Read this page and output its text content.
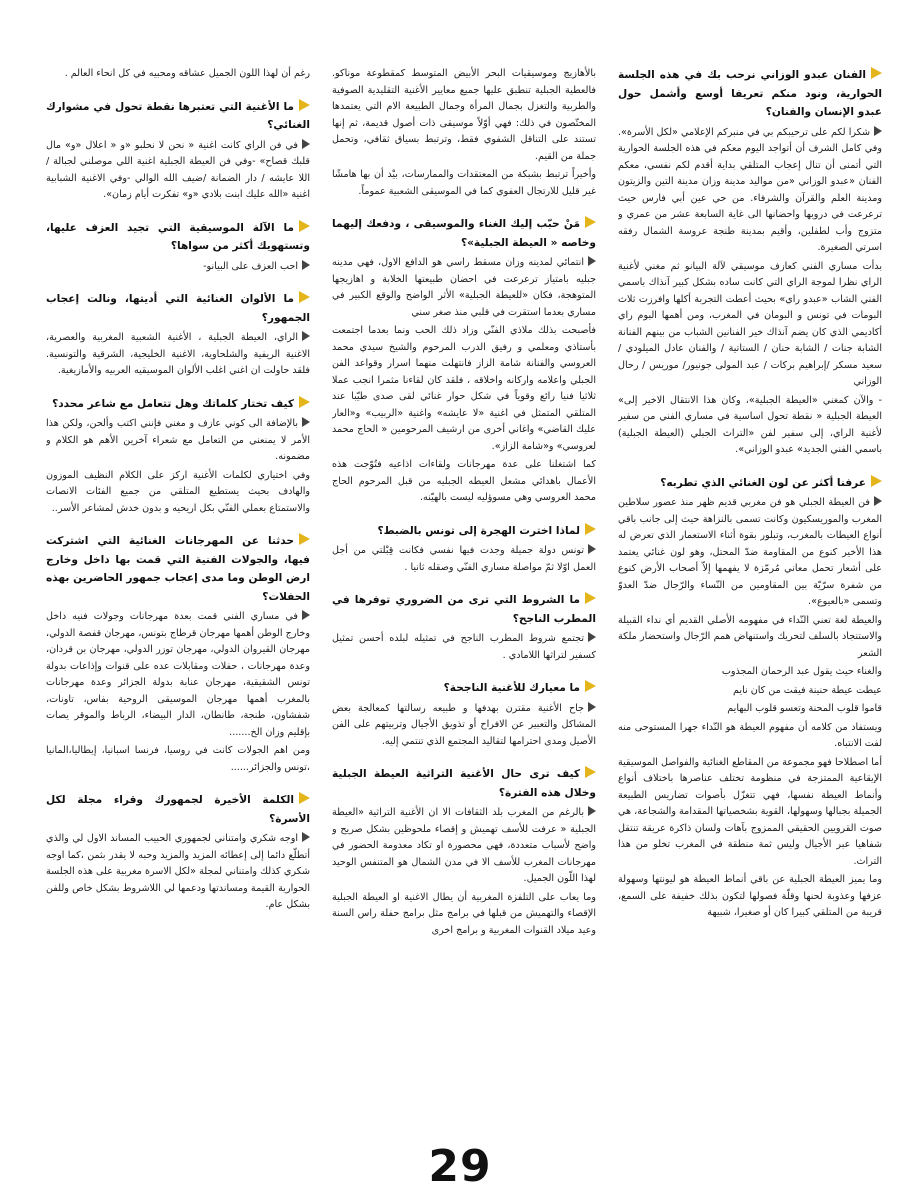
الفنان عبدو الوزاني نرحب بك في هذه الجلسة الحوارية، ونود منكم تعريفا أوسع وأشمل حول عبدو الإنسان والفنان؟

شكرا لكم على ترحيبكم بي في منبركم الإعلامي «لكل الأسرة». وفي كامل الشرف أن أتواجد اليوم معكم في هذه الجلسة الحوارية التي أتمنى أن تنال إعجاب المتلقي بداية أقدم لكم نفسي، معكم الفنان «عبدو الوزاني «من مواليد مدينة وزان مدينة التين والزيتون ومدينة العلم والقرآن والشرفاء. من حي عين أبي فارس حيث ترعرعت في دروبها واحضانها الى غاية السابعة عشر من عمري و متزوج وأب لطفلين، وأقيم بمدينة طنجة عروسة الشمال رفقه اسرتي الصغيرة.

بدأت مساري الفني كعازف موسيقي لآلة البيانو ثم مغني لأغنية الراي نظرا لموجة الراي التي كانت ساده بشكل كبير آنذاك باسمي الفني الشاب «عبدو راي» بحيث أعطت التجربة أكلها وافرزت ثلاث البومات في تونس و البومان في المغرب، ومن أهمها البوم راي أكاديمي الذي كان يضم آنذاك خير الفنانين الشباب من بينهم الفنانة الشابة جنات / الشابة حنان / الستاتية / والفنان عادل الميلودي /سعيد مسكر /إبراهيم بركات / عبد المولى جونيور/ موريس / رحال الوزاني

- والآن كمغني «العيطة الجبلية»، وكان هذا الانتقال الاخير إلى» العيطة الجبلية « نقطة تحول اساسية في مساري الفني من سفير لأغنية الراي، إلى سفير لفن «التراث الجبلي (العيطة الجبلية) باسمي الفني الجديد» عبدو الوزاني».

عرفنا أكثر عن لون الغنائي الذي تطربه؟

فن العيطة الجبلي هو فن مغربي قديم ظهر منذ عصور سلاطين المغرب والموريسكيون وكانت تسمى بالنزاهة حيث إلى جانب باقي أنواع العيطات بالمغرب، وتبلور بقوة أثناء الاستعمار الذي تعرض له هذا الأخير كنوع من المقاومة ضدّ المحتل، وهو لون غنائي يعتمد على أشعار تحمل معاني مُرمّزة لا يفهمها إلاّ أصحاب الأرض كنوع من شفرة سرّيّة بين المقاومين من النّساء والرّجال ضدّ العدوّ وتسمى «بالعيوع».

والعيطة لغة تعني النّداء في مفهومه الأصلي القديم أي نداء القبيلة والاستنجاد بالسلف لتحريك واستنهاض همم الرّجال واستحضار ملكة الشعر

والغناء حيث يقول عبد الرحمان المجذوب

عيطت عيطة حنينة فيقت من كان نايم

قاموا قلوب المحنة وتعسو قلوب البهايم

ويستفاد من كلامه أن مفهوم العيطة هو النّداء جهرا المستوحى منه لفت الانتباه.

أما اصطلاحا فهو مجموعة من المقاطع الغنائية والفواصل الموسيقية الإيقاعية الممتزجة في منظومة تختلف عناصرها باختلاف أنواع وأنماط العيطة نفسها، فهي تتغزّل بأصوات تضاريس الطبيعة الجميلة بجبالها وسهولها، القوية بشخصياتها المقدامة والشجاعة، هي صوت القرويين الحقيقي الممزوج بآهات ولسان ذاكرة عريقة تنتقل شفاهيا عبر الأجيال وليس ثمة منطقة في المغرب تخلو من هذا التراث.

وما يميز العيطة الجبلية عن باقي أنماط العيطة هو ليونتها وسهولة عزفها وعذوبة لحنها وقلّة فصولها لتكون بذلك خفيفة على السمع، قريبة من المتلقي كبيرا كان أو صغيرا، شبيهة

بالأهازيج وموسيقيات البحر الأبيض المتوسط كمقطوعة موناكو. فالعطية الجبلية تنطبق عليها جميع معايير الأغنية التقليدية الصوفية والطربية والتغزل بجمال المرأة وجمال الطبيعة الام التي يعتمدها المختّصون في ذلك: فهي أوّلاً موسيقى ذات أصول قديمة، ثم إنها تستند على التناقل الشفوي فقط، وترتبط بسياق ثقافي، وتحمل جملة من القيم.

وأخيراً ترتبط بشبكة من المعتقدات والممارسات، بيْد أن بها هامشًا غير قليل للارتجال العفوي كما في الموسيقى الشعبية عموماً.

مَنْ حبّب إليك الغناء والموسيقى ، ودفعك إليهما وخاصه « العيطة الجبلية»؟

انتمائي لمدينه وزان مسقط راسي هو الدافع الاول، فهي مدينه جبليه بامتياز ترعرعت في احضان طبيعتها الخلابة و اهازيجها المتوهجة، فكان «للعيطة الجبلية» الأثر الواضح والوقع الكبير في مساري بعدما استقرت في قلبي منذ صغر سني

فأصبحت بذلك ملاذي الفنّي وزاد ذلك الحب ونما بعدما اجتمعت بأستاذي ومعلمي و رفيق الدرب المرحوم والشيخ سيدي محمد العروسي والفنانة شامة الزاز فانتهلت منهما اسرار وقواعد الفن الجبلي واعلامه واركانه واخلاقه ، فلقد كان لقاءنا مثمرا انجب عملا ثلاثيا فنيا رائع وقوياً في شكل حوار غنائي لقى صدى طيّبا عند المتلقي المتمثل في اغنية «لا عايشه» واغنية «الربيب» و«العار عليك القاضي» واغاني أخرى من ارشيف المرحومين « الحاج محمد لعروسي» و«شامة الزاز».

كما اشتغلنا على عدة مهرجانات ولقاءات اذاعيه فتُوّجت هذه الأعمال باهدائي مشعل العيطه الجبليه من قبل المرحوم الحاج محمد العروسي وهي مسوؤليه ليست بالهيّنه.

لماذا اخترت الهجرة إلى تونس بالضبط؟

تونس دولة جميلة وجدت فيها نفسي فكانت قِبْلتي من أجل العمل اوّلا ثمّ مواصلة مساري الفنّي وصقله ثانيا .

ما الشروط التي ترى من الضروري توفرها في المطرب الناجح؟

تجتمع شروط المطرب الناجح في تمثيله لبلده أحسن تمثيل كسفير لتراثها اللامادي .

ما معيارك للأغنية الناجحة؟

جاح الأغنية مقترن بهدفها و طبيعه رسالتها كمعالجة بعض المشاكل والتعبير عن الافراح أو تذويق الأجيال وتربيتهم على الفن الأصيل ومدى احترامها لتقاليد المجتمع الذي تنتمي إليه.

كيف ترى حال الأغنية التراثية العيطة الجبلية وخلال هذه الفترة؟

بالرغم من المغرب بلد الثقافات الا ان الأغنية التراثية «العيطة الجبلية « عرفت للأسف تهميش و إقصاء ملحوظين بشكل صريح و واضح لأسباب متعددة، فهي محصورة او تكاد معدومة الحضور في مهرجانات المغرب للأسف الا في مدن الشمال هو المتنفس الوحيد لهذا اللّون الجميل.

وما يعاب على التلفزة المغربية أن يطال الاغنية او العيطة الجبلية الإقصاء والتهميش من قبلها في برامج مثل برامج حفلة راس السنة وعيد ميلاد القنوات المغربية و برامج اخرى

رغم أن لهذا اللون الجميل عشاقه ومحبيه في كل انحاء العالم .

ما الأغنية التي تعتبرها نقطة تحول في مشوارك الغنائي؟

في فن الراي كانت اغنية « نحن لا نحلبو «و « اعلال «و» مال قلبك قصاح» -وفي فن العيطة الجبلية اغنية اللي موصلني لجبالة / اللا عايشه / دار الضمانة /ضيف الله الوالي -وفي الاغنية الشبابية اغنية «الله عليك ابنت بلادي «و» تفكرت أيام زمان».

ما الآلة الموسيقية التي تجيد العزف عليها، وتستهويك أكثر من سواها؟

احب العزف على البيانو-

ما الألوان الغنائية التي أديتها، ونالت إعجاب الجمهور؟

الراي، العيطة الجبلية ، الأغنية الشعبية المغربية والعصرية، الاغنية الريفية والشلحاوية، الاغنية الخليجية، الشرقية والتونسية. فلقد حاولت ان اغني اغلب الألوان الموسيقيه العربيه والأمازيغية.

كيف تختار كلماتك وهل تتعامل مع شاعر محدد؟

بالإضافة الى كوني عازف و مغني فإنني اكتب وألحن، ولكن هذا الأمر لا يمنعني من التعامل مع شعراء آخرين الأهم هو الكلام و مضمونه.

وفي اختياري لكلمات الأغنية اركز على الكلام النظيف الموزون والهادف بحيث يستطيع المتلقي من جميع الفئات الانصات والاستمتاع بعملي الفنّي بكل اريحيه و بدون خدش لمشاعر الأسر..

حدثنا عن المهرجانات الغنائية التي اشتركت فيها، والجولات الفنية التي قمت بها داخل وخارج ارض الوطن وما مدى إعجاب جمهور الحاضرين بهذه الحفلات؟

في مساري الفني قمت بعدة مهرجانات وجولات فنيه داخل وخارج الوطن أهمها مهرجان قرطاج بتونس، مهرجان قفصة الدولي، مهرجان القيروان الدولي، مهرجان توزر الدولي، مهرجان بن قردان، وعدة مهرجانات ، حفلات ومقابلات عده على قنوات وإذاعات بدولة تونس الشقيقية، مهرجان عنابة بدولة الجزائر وعدة مهرجانات بالمغرب أهمها مهرجان الموسيقى الروحية بفاس، تاونات، شفشاون، طنجة، طانطان، الدار البيضاء، الرباط والموقر يصات بإقليم وزان الخ.......

ومن اهم الجولات كانت في روسيا، فرنسا اسبانيا، إيطاليا،المانيا ،تونس والجزائر......

الكلمة الأخيرة لجمهورك وقراء مجلة لكل الأسرة؟

اوجه شكري وامتناني لجمهوري الحبيب المساند الاول لي والذي أتطلّع دائما إلى إعطائه المزيد والمزيد وحبه لا يقدر بثمن ،كما اوجه شكري كذلك وامتناني لمجلة «لكل الاسرة مغربية على هذه الجلسة الحوارية القيمة ومساندتها ودعمها لي اللاشروط بشكل خاص وللفن بشكل عام.

29
